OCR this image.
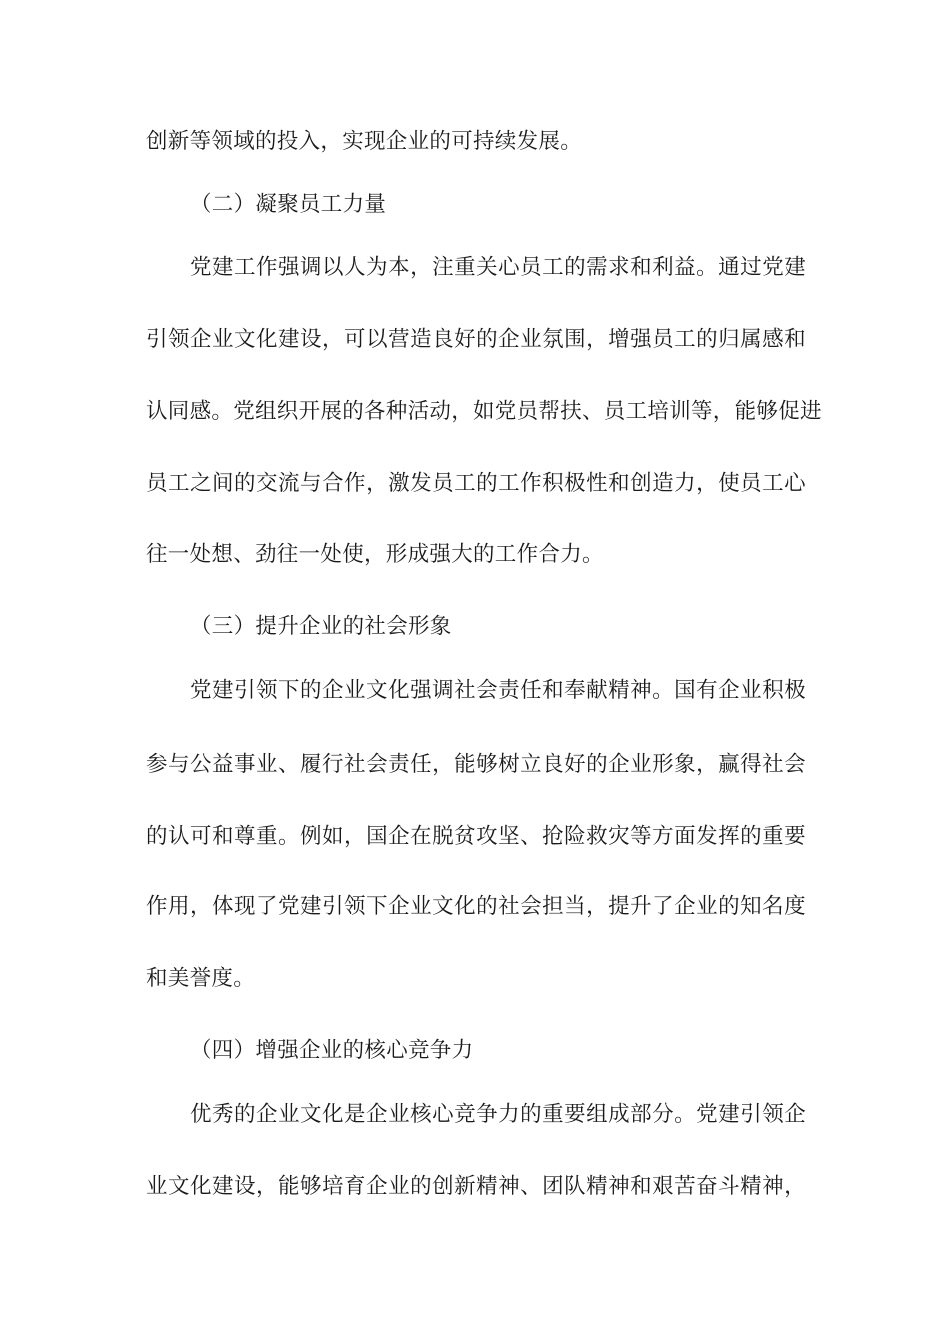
创新等领域的投入，实现企业的可持续发展。
（二）凝聚员工力量
党建工作强调以人为本，注重关心员工的需求和利益。通过党建
引领企业文化建设，可以营造良好的企业氛围，增强员工的归属感和
认同感。党组织开展的各种活动，如党员帮扶、员工培训等，能够促进
员工之间的交流与合作，激发员工的工作积极性和创造力，使员工心
往一处想、劲往一处使，形成强大的工作合力。
（三）提升企业的社会形象
党建引领下的企业文化强调社会责任和奉献精神。国有企业积极
参与公益事业、履行社会责任，能够树立良好的企业形象，赢得社会
的认可和尊重。例如，国企在脱贫攻坚、抢险救灾等方面发挥的重要
作用，体现了党建引领下企业文化的社会担当，提升了企业的知名度
和美誉度。
（四）增强企业的核心竞争力
优秀的企业文化是企业核心竞争力的重要组成部分。党建引领企
业文化建设，能够培育企业的创新精神、团队精神和艰苦奋斗精神，
